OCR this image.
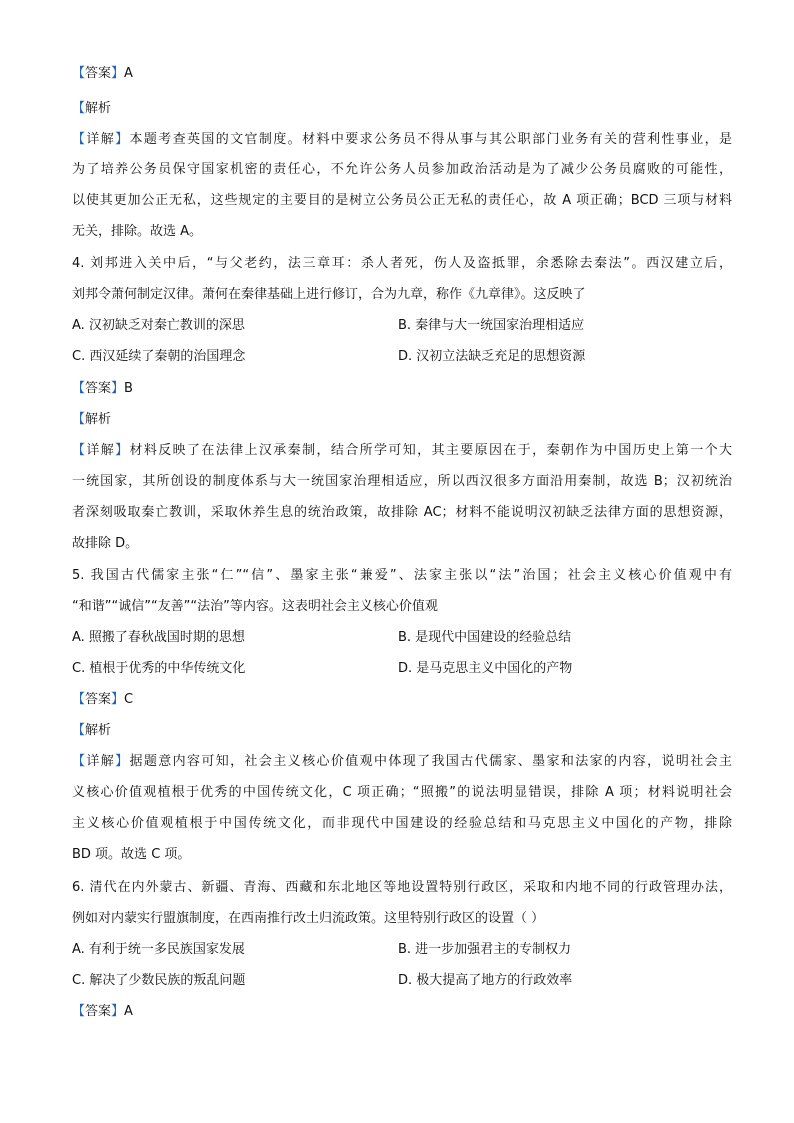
【答案】A
【解析
【详解】本题考查英国的文官制度。材料中要求公务员不得从事与其公职部门业务有关的营利性事业，是
为了培养公务员保守国家机密的责任心，不允许公务人员参加政治活动是为了减少公务员腐败的可能性，
以使其更加公正无私，这些规定的主要目的是树立公务员公正无私的责任心，故 A 项正确；BCD 三项与材料
无关，排除。故选 A。
4. 刘邦进入关中后，“与父老约，法三章耳：杀人者死，伤人及盗抵罪，余悉除去秦法”。西汉建立后，
刘邦令萧何制定汉律。萧何在秦律基础上进行修订，合为九章，称作《九章律》。这反映了
A. 汉初缺乏对秦亡教训的深思	B. 秦律与大一统国家治理相适应
C. 西汉延续了秦朝的治国理念	D. 汉初立法缺乏充足的思想资源
【答案】B
【解析
【详解】材料反映了在法律上汉承秦制，结合所学可知，其主要原因在于，秦朝作为中国历史上第一个大
一统国家，其所创设的制度体系与大一统国家治理相适应，所以西汉很多方面沿用秦制，故选 B；汉初统治
者深刻吸取秦亡教训，采取休养生息的统治政策，故排除 AC；材料不能说明汉初缺乏法律方面的思想资源，
故排除 D。
5. 我国古代儒家主张“仁”“信”、墨家主张“兼爱”、法家主张以“法”治国；社会主义核心价值观中有
“和谐”“诚信”“友善”“法治”等内容。这表明社会主义核心价值观
A. 照搬了春秋战国时期的思想	B. 是现代中国建设的经验总结
C. 植根于优秀的中华传统文化	D. 是马克思主义中国化的产物
【答案】C
【解析
【详解】据题意内容可知，社会主义核心价值观中体现了我国古代儒家、墨家和法家的内容，说明社会主
义核心价值观植根于优秀的中国传统文化，C 项正确；“照搬”的说法明显错误，排除 A 项；材料说明社会
主义核心价值观植根于中国传统文化，而非现代中国建设的经验总结和马克思主义中国化的产物，排除
BD 项。故选 C 项。
6. 清代在内外蒙古、新疆、青海、西藏和东北地区等地设置特别行政区，采取和内地不同的行政管理办法，
例如对内蒙实行盟旗制度，在西南推行改土归流政策。这里特别行政区的设置（ ）
A. 有利于统一多民族国家发展	B. 进一步加强君主的专制权力
C. 解决了少数民族的叛乱问题	D. 极大提高了地方的行政效率
【答案】A
